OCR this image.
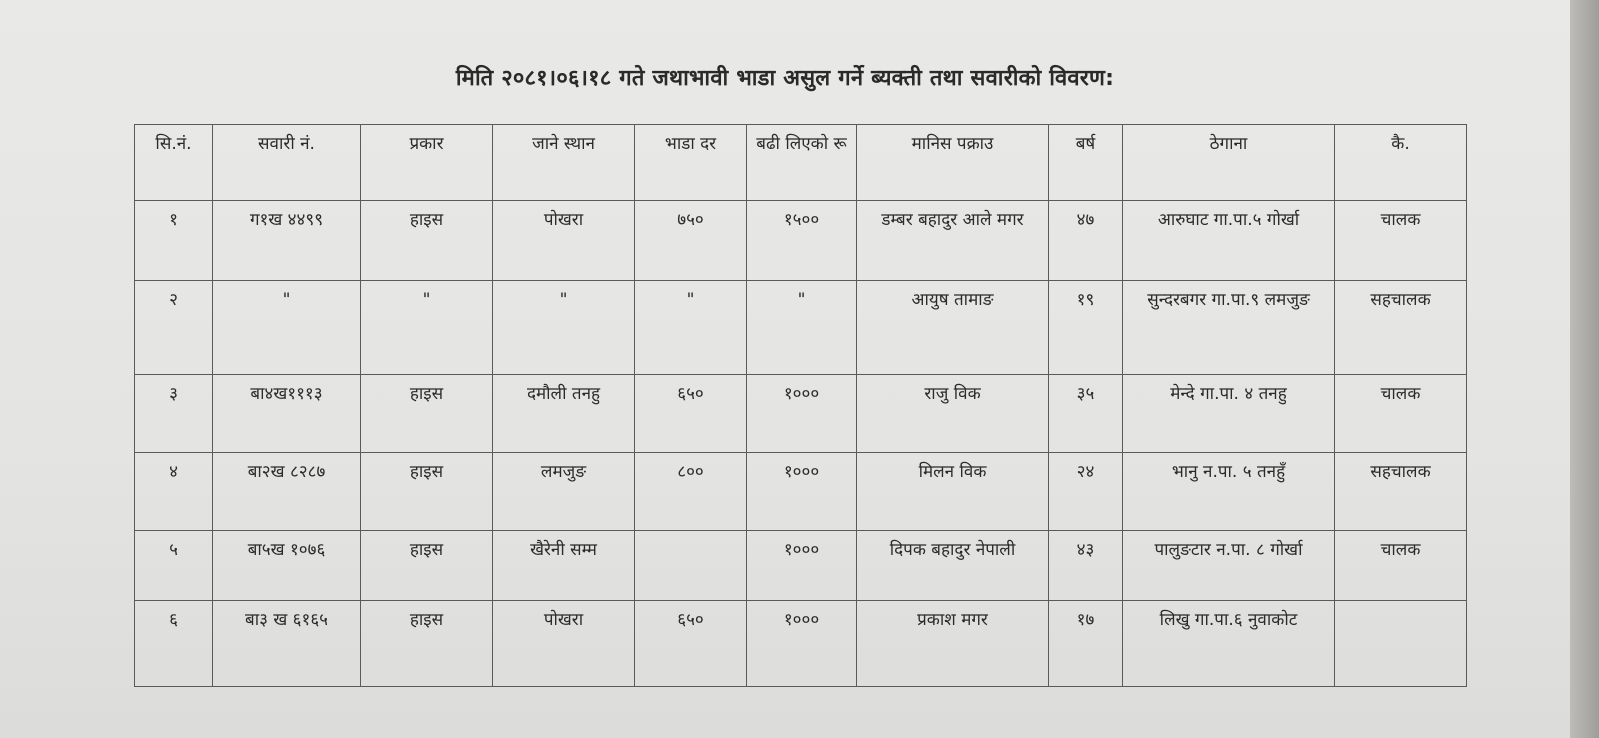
मिति २०८१।०६।१८ गते जथाभावी भाडा असुल गर्ने ब्यक्ती तथा सवारीको विवरण:
सि.नं.	सवारी नं.	प्रकार	जाने स्थान	भाडा दर	बढी लिएको रू	मानिस पक्राउ	बर्ष	ठेगाना	कै.
१	ग१ख ४४९९	हाइस	पोखरा	७५०	१५००	डम्बर बहादुर आले मगर	४७	आरुघाट गा.पा.५ गोर्खा	चालक
२	"	"	"	"	"	आयुष तामाङ	१९	सुन्दरबगर गा.पा.९ लमजुङ	सहचालक
३	बा४ख१११३	हाइस	दमौली तनहु	६५०	१०००	राजु विक	३५	मेन्दे गा.पा. ४ तनहु	चालक
४	बा२ख ८२८७	हाइस	लमजुङ	८००	१०००	मिलन विक	२४	भानु न.पा. ५ तनहुँ	सहचालक
५	बा५ख १०७६	हाइस	खैरेनी सम्म		१०००	दिपक बहादुर नेपाली	४३	पालुङटार न.पा. ८ गोर्खा	चालक
६	बा३ ख ६१६५	हाइस	पोखरा	६५०	१०००	प्रकाश मगर	१७	लिखु गा.पा.६ नुवाकोट	
